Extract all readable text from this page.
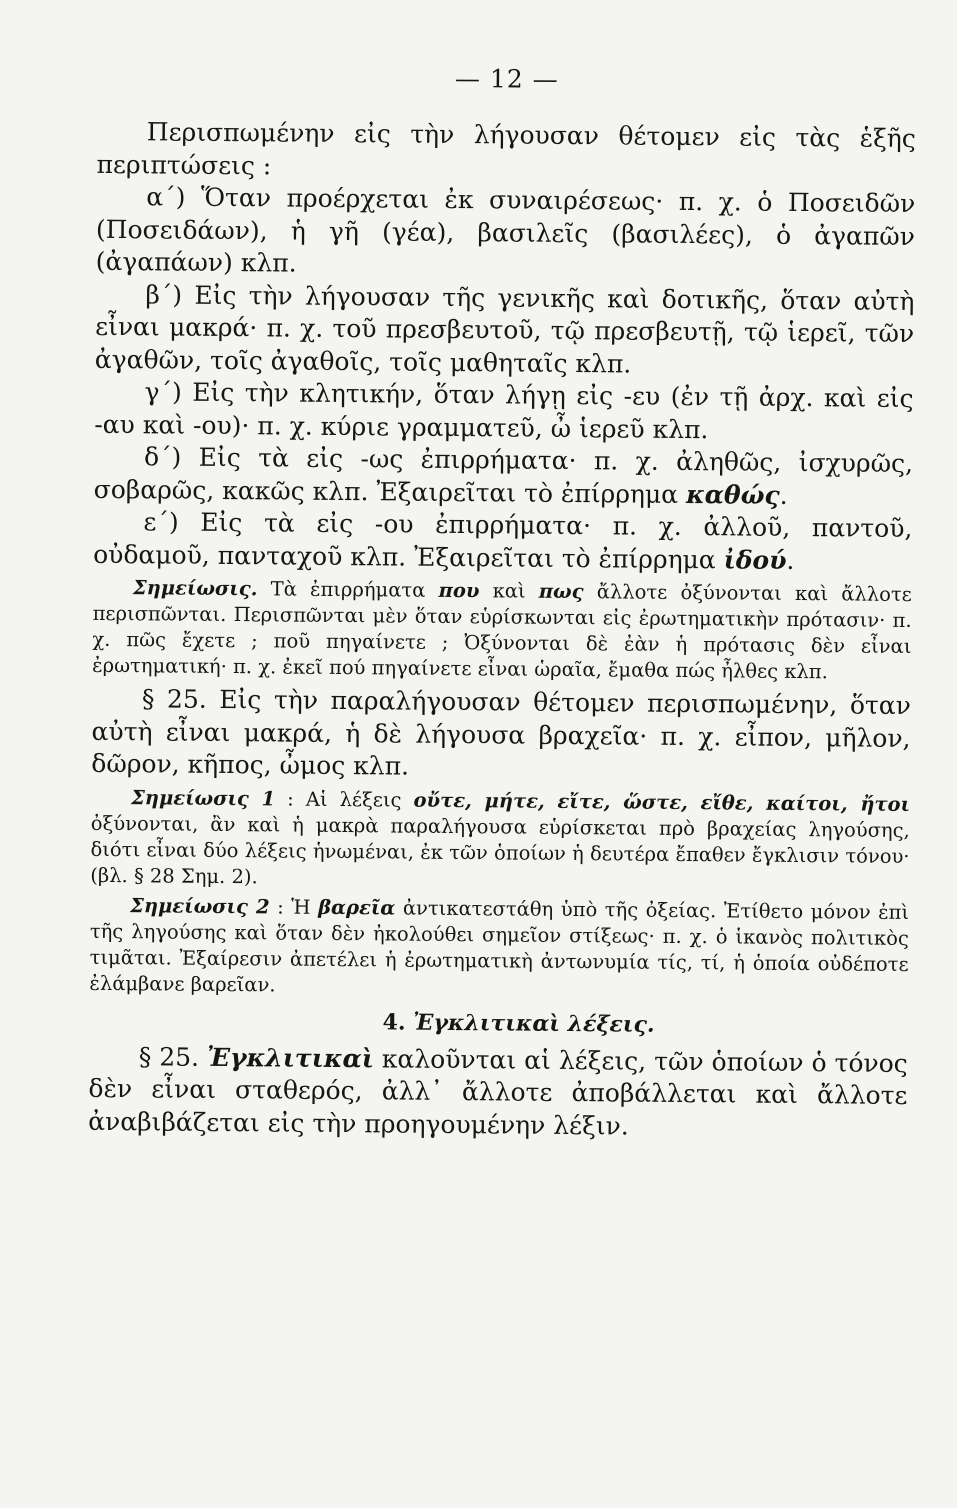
— 12 —

Περισπωμένην εἰς τὴν λήγουσαν θέτομεν εἰς τὰς ἑξῆς περιπτώσεις :

α΄) Ὅταν προέρχεται ἐκ συναιρέσεως· π. χ. ὁ Ποσειδῶν (Ποσειδάων), ἡ γῆ (γέα), βασιλεῖς (βασιλέες), ὁ ἀγαπῶν (ἀγαπάων) κλπ.

β΄) Εἰς τὴν λήγουσαν τῆς γενικῆς καὶ δοτικῆς, ὅταν αὐτὴ εἶναι μακρά· π. χ. τοῦ πρεσβευτοῦ, τῷ πρεσβευτῇ, τῷ ἱερεῖ, τῶν ἀγαθῶν, τοῖς ἀγαθοῖς, τοῖς μαθηταῖς κλπ.

γ΄) Εἰς τὴν κλητικήν, ὅταν λήγῃ εἰς -ευ (ἐν τῇ ἀρχ. καὶ εἰς -αυ καὶ -ου)· π. χ. κύριε γραμματεῦ, ὦ ἱερεῦ κλπ.

δ΄) Εἰς τὰ εἰς -ως ἐπιρρήματα· π. χ. ἀληθῶς, ἰσχυρῶς, σοβαρῶς, κακῶς κλπ. Ἐξαιρεῖται τὸ ἐπίρρημα καθώς.

ε΄) Εἰς τὰ εἰς -ου ἐπιρρήματα· π. χ. ἀλλοῦ, παντοῦ, οὐδαμοῦ, πανταχοῦ κλπ. Ἐξαιρεῖται τὸ ἐπίρρημα ἰδού.

Σημείωσις. Τὰ ἐπιρρήματα που καὶ πως ἄλλοτε ὀξύνονται καὶ ἄλλοτε περισπῶνται. Περισπῶνται μὲν ὅταν εὑρίσκωνται εἰς ἐρωτηματικὴν πρότασιν· π. χ. πῶς ἔχετε ; ποῦ πηγαίνετε ; Ὀξύνονται δὲ ἐὰν ἡ πρότασις δὲν εἶναι ἐρωτηματική· π. χ. ἐκεῖ πού πηγαίνετε εἶναι ὡραῖα, ἔμαθα πώς ἦλθες κλπ.

§ 25. Εἰς τὴν παραλήγουσαν θέτομεν περισπωμένην, ὅταν αὐτὴ εἶναι μακρά, ἡ δὲ λήγουσα βραχεῖα· π. χ. εἶπον, μῆλον, δῶρον, κῆπος, ὦμος κλπ.

Σημείωσις 1 : Αἱ λέξεις οὔτε, μήτε, εἴτε, ὥστε, εἴθε, καίτοι, ἤτοι ὀξύνονται, ἂν καὶ ἡ μακρὰ παραλήγουσα εὑρίσκεται πρὸ βραχείας ληγούσης, διότι εἶναι δύο λέξεις ἡνωμέναι, ἐκ τῶν ὁποίων ἡ δευτέρα ἔπαθεν ἔγκλισιν τόνου· (βλ. § 28 Σημ. 2).

Σημείωσις 2 : Ἡ βαρεῖα ἀντικατεστάθη ὑπὸ τῆς ὀξείας. Ἐτίθετο μόνον ἐπὶ τῆς ληγούσης καὶ ὅταν δὲν ἠκολούθει σημεῖον στίξεως· π. χ. ὁ ἱκανὸς πολιτικὸς τιμᾶται. Ἐξαίρεσιν ἀπετέλει ἡ ἐρωτηματικὴ ἀντωνυμία τίς, τί, ἡ ὁποία οὐδέποτε ἐλάμβανε βαρεῖαν.

4. Ἐγκλιτικαὶ λέξεις.

§ 25. Ἐγκλιτικαὶ καλοῦνται αἱ λέξεις, τῶν ὁποίων ὁ τόνος δὲν εἶναι σταθερός, ἀλλ᾽ ἄλλοτε ἀποβάλλεται καὶ ἄλλοτε ἀναβιβάζεται εἰς τὴν προηγουμένην λέξιν.
